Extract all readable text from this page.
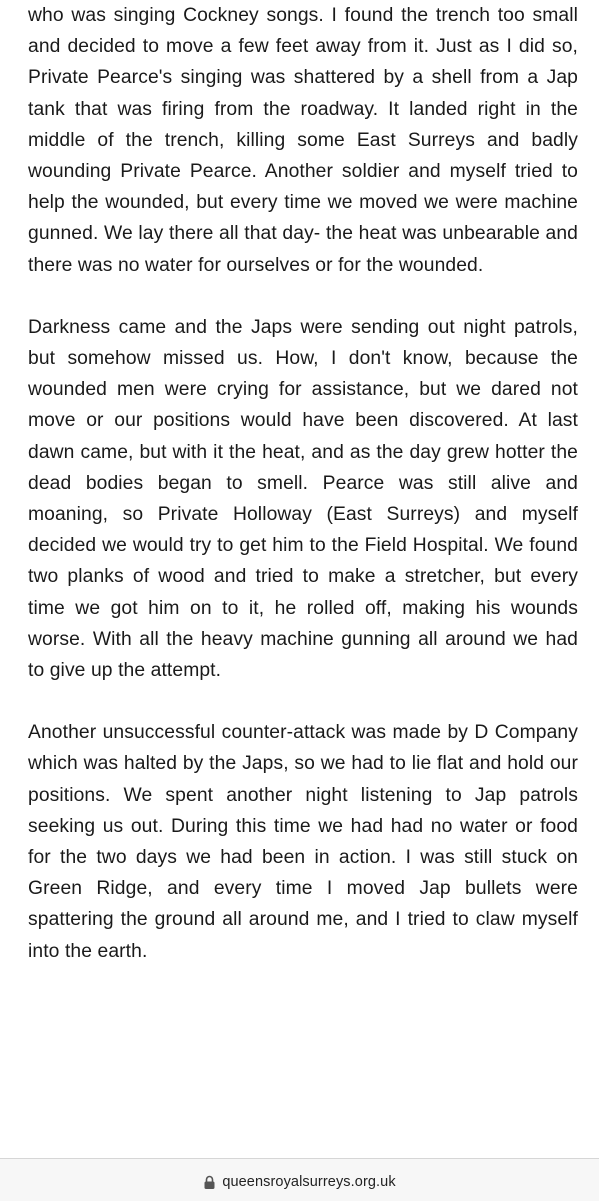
who was singing Cockney songs. I found the trench too small and decided to move a few feet away from it. Just as I did so, Private Pearce's singing was shattered by a shell from a Jap tank that was firing from the roadway. It landed right in the middle of the trench, killing some East Surreys and badly wounding Private Pearce. Another soldier and myself tried to help the wounded, but every time we moved we were machine gunned. We lay there all that day- the heat was unbearable and there was no water for ourselves or for the wounded.

Darkness came and the Japs were sending out night patrols, but somehow missed us. How, I don't know, because the wounded men were crying for assistance, but we dared not move or our positions would have been discovered. At last dawn came, but with it the heat, and as the day grew hotter the dead bodies began to smell. Pearce was still alive and moaning, so Private Holloway (East Surreys) and myself decided we would try to get him to the Field Hospital. We found two planks of wood and tried to make a stretcher, but every time we got him on to it, he rolled off, making his wounds worse. With all the heavy machine gunning all around we had to give up the attempt.

Another unsuccessful counter-attack was made by D Company which was halted by the Japs, so we had to lie flat and hold our positions. We spent another night listening to Jap patrols seeking us out. During this time we had had no water or food for the two days we had been in action. I was still stuck on Green Ridge, and every time I moved Jap bullets were spattering the ground all around me, and I tried to claw myself into the earth.

queensroyalsurreys.org.uk
